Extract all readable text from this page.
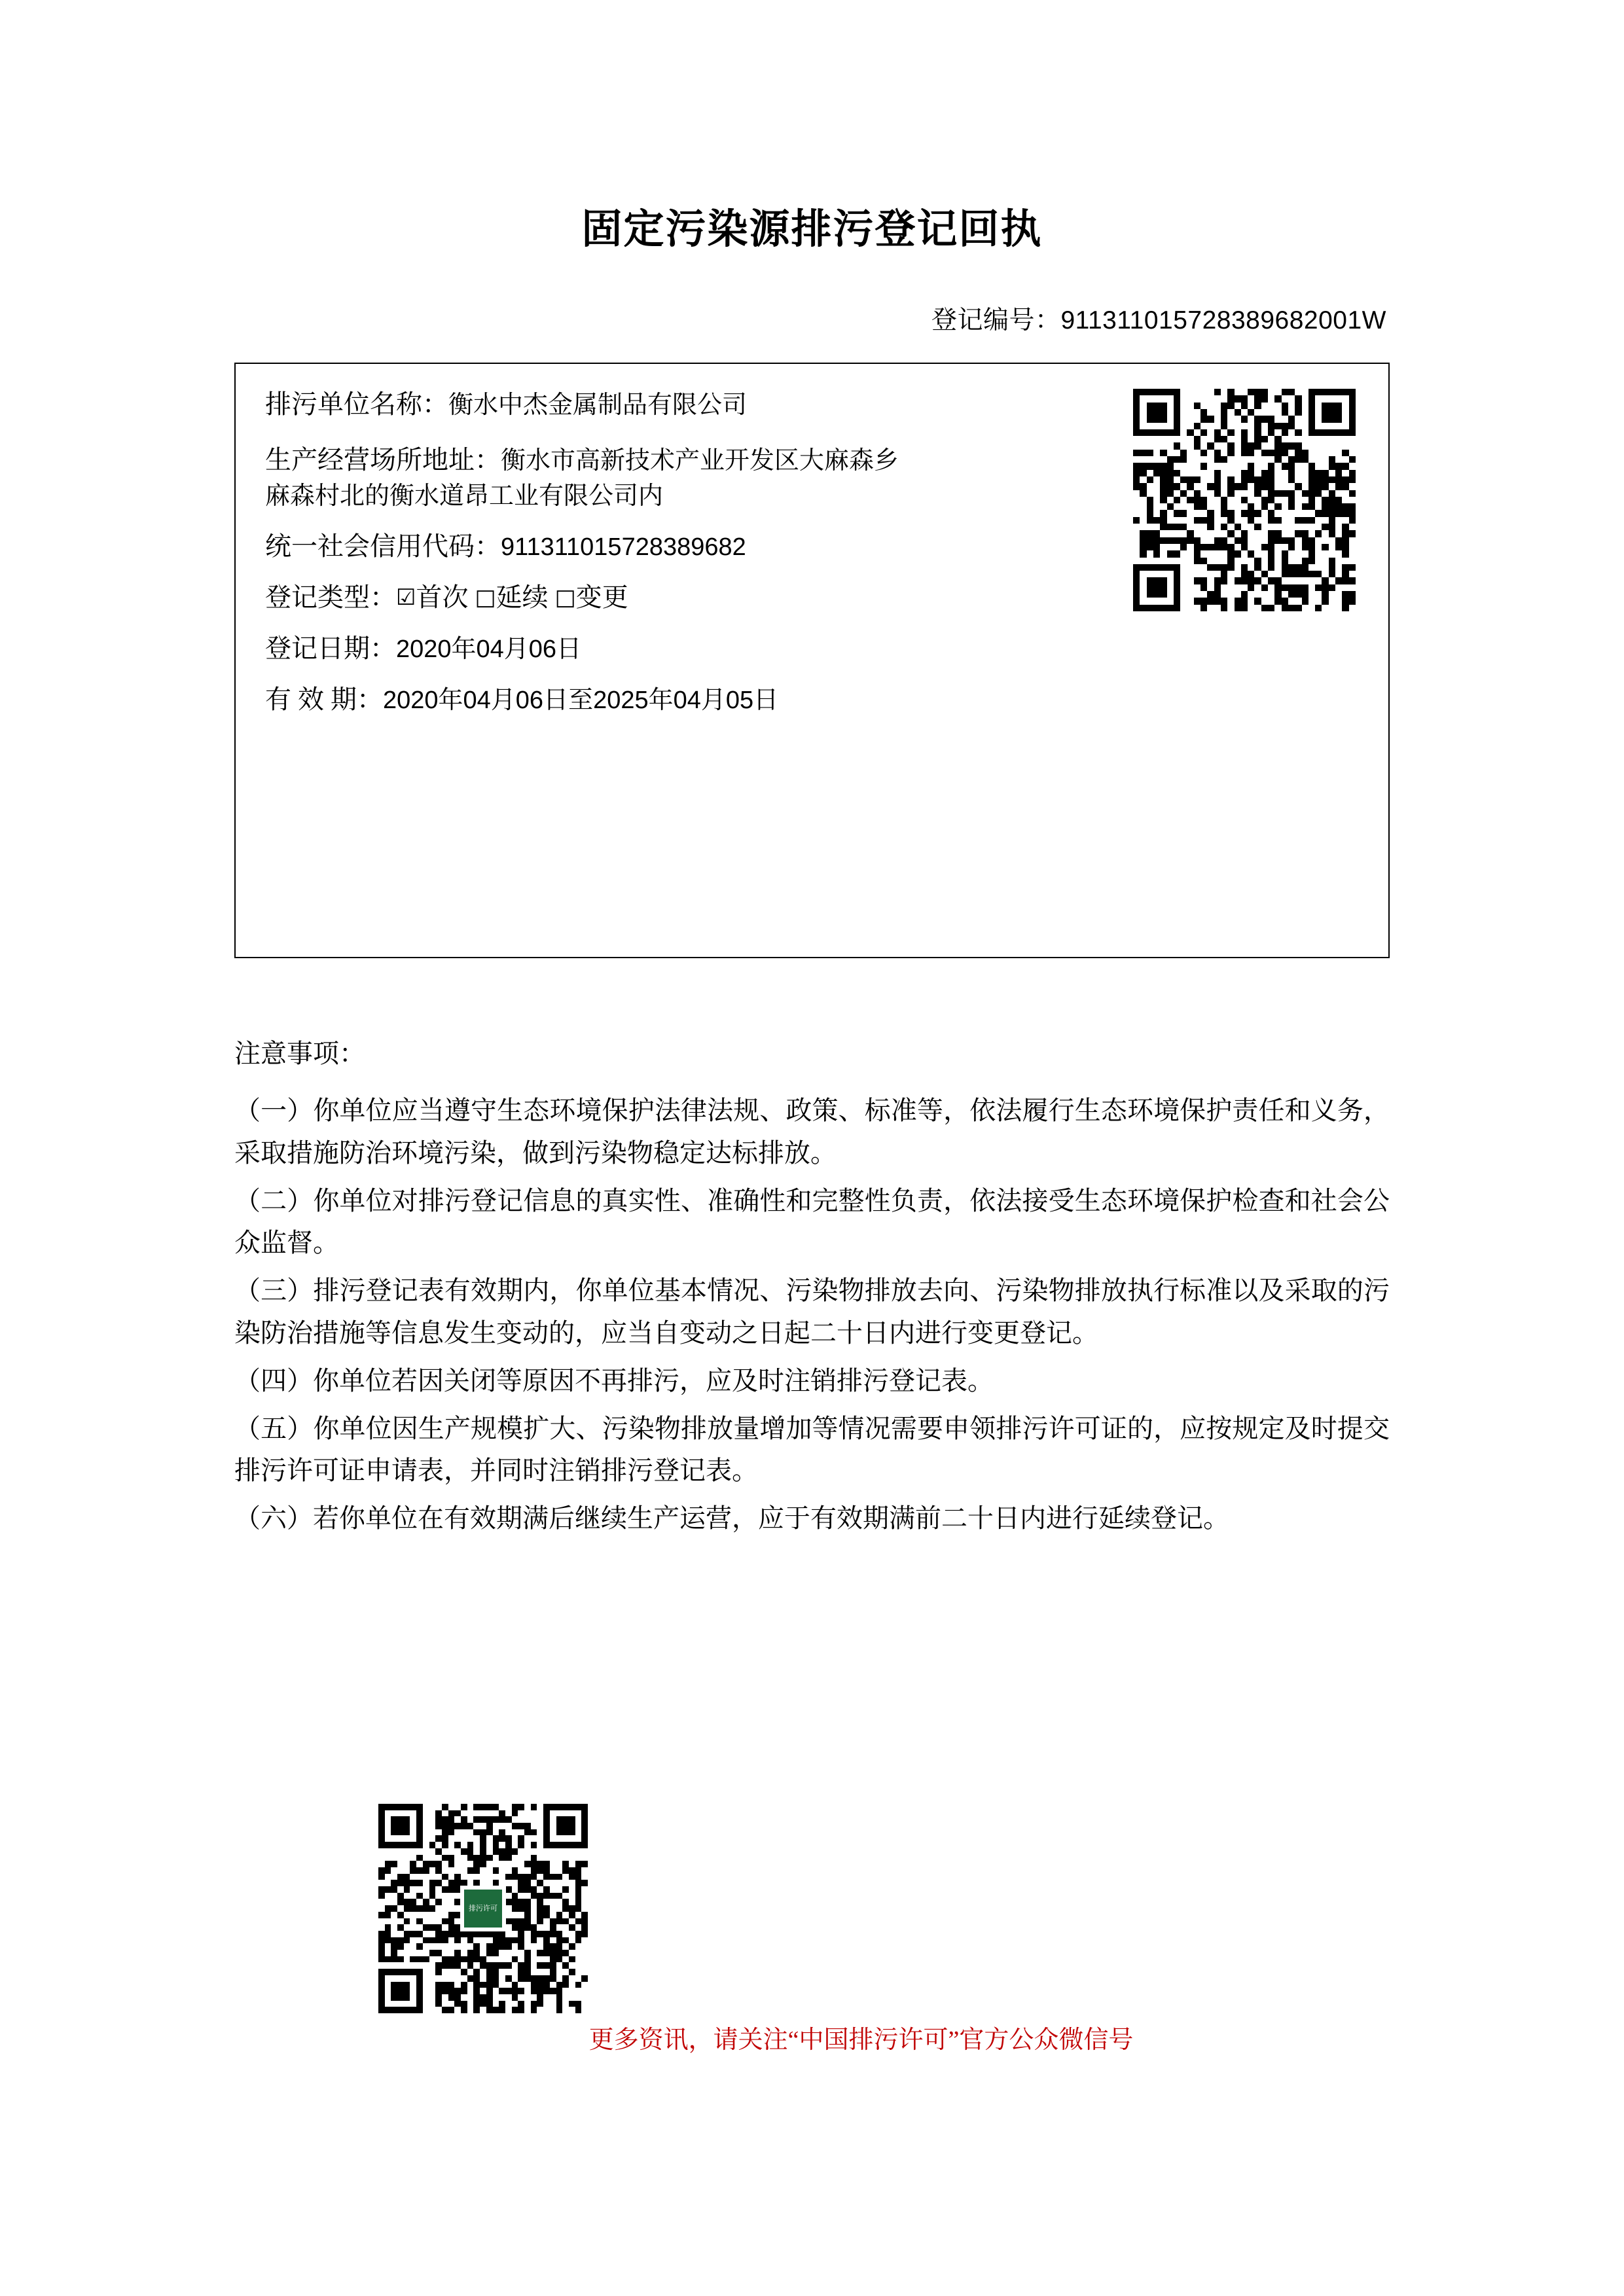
固定污染源排污登记回执
登记编号：911311015728389682001W
排污单位名称：衡水中杰金属制品有限公司
生产经营场所地址：衡水市高新技术产业开发区大麻森乡
麻森村北的衡水道昂工业有限公司内
统一社会信用代码：911311015728389682
登记类型：☑首次 □延续 □变更
登记日期：2020年04月06日
有 效 期：2020年04月06日至2025年04月05日
注意事项：
（一）你单位应当遵守生态环境保护法律法规、政策、标准等，依法履行生态环境保护责任和义务，采取措施防治环境污染，做到污染物稳定达标排放。
（二）你单位对排污登记信息的真实性、准确性和完整性负责，依法接受生态环境保护检查和社会公众监督。
（三）排污登记表有效期内，你单位基本情况、污染物排放去向、污染物排放执行标准以及采取的污染防治措施等信息发生变动的，应当自变动之日起二十日内进行变更登记。
（四）你单位若因关闭等原因不再排污，应及时注销排污登记表。
（五）你单位因生产规模扩大、污染物排放量增加等情况需要申领排污许可证的，应按规定及时提交排污许可证申请表，并同时注销排污登记表。
（六）若你单位在有效期满后继续生产运营，应于有效期满前二十日内进行延续登记。
排污许可
更多资讯，请关注“中国排污许可”官方公众微信号
